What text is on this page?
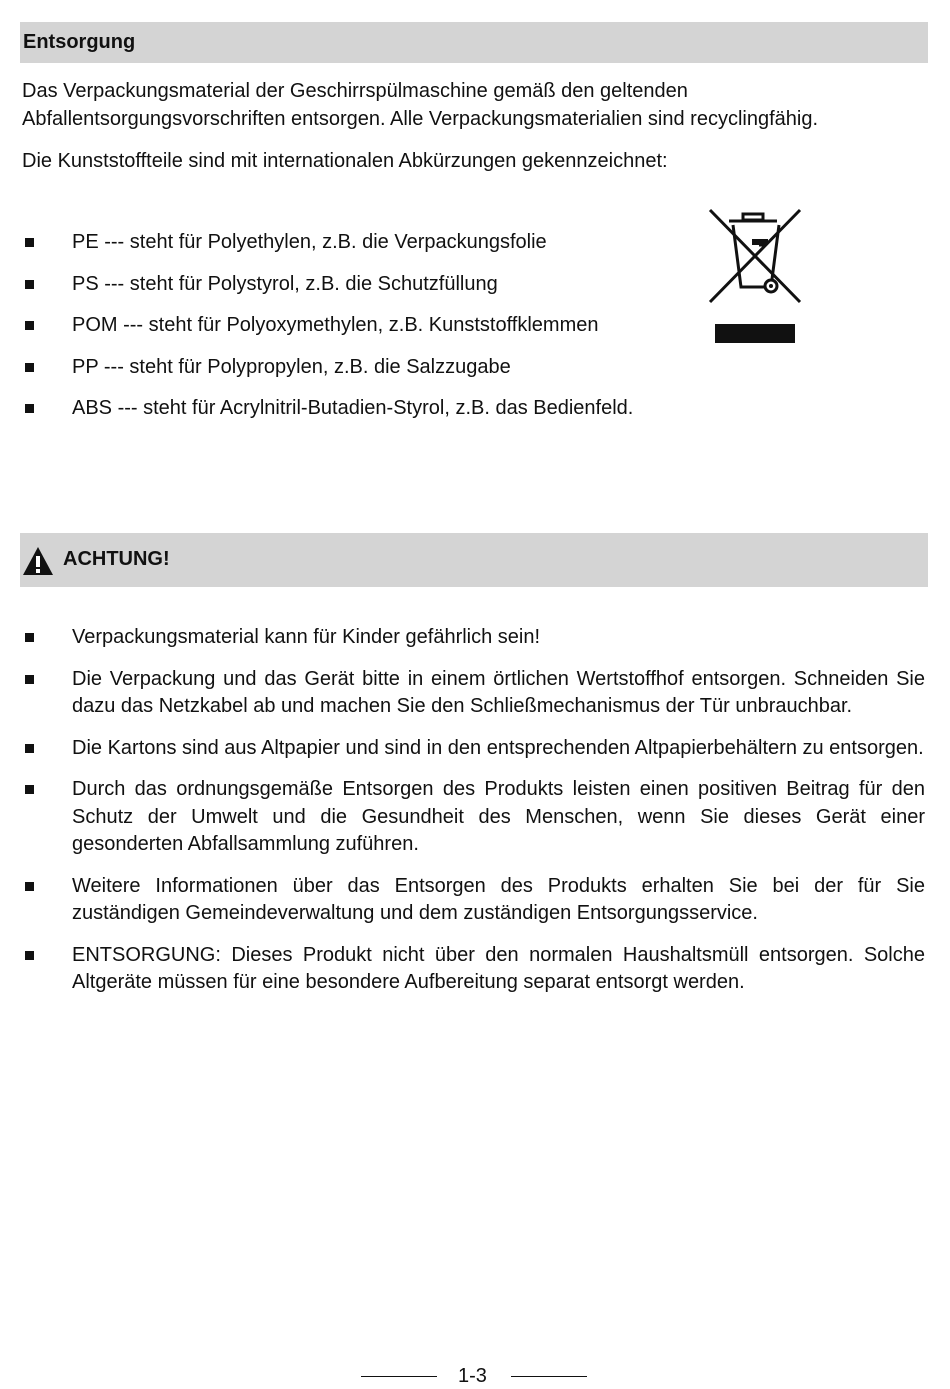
Entsorgung

Das Verpackungsmaterial der Geschirrspülmaschine gemäß den geltenden Abfallentsorgungsvorschriften entsorgen. Alle Verpackungsmaterialien sind recyclingfähig.

Die Kunststoffteile sind mit internationalen Abkürzungen gekennzeichnet:

PE --- steht für Polyethylen, z.B. die Verpackungsfolie
PS --- steht für Polystyrol, z.B. die Schutzfüllung
POM --- steht für Polyoxymethylen, z.B. Kunststoffklemmen
PP --- steht für Polypropylen, z.B. die Salzzugabe
ABS --- steht für Acrylnitril-Butadien-Styrol, z.B. das Bedienfeld.
ACHTUNG!
Verpackungsmaterial kann für Kinder gefährlich sein!
Die Verpackung und das Gerät bitte in einem örtlichen Wertstoffhof entsorgen. Schneiden Sie dazu das Netzkabel ab und machen Sie den Schließmechanismus der Tür unbrauchbar.
Die Kartons sind aus Altpapier und sind in den entsprechenden Altpapierbehältern zu entsorgen.
Durch das ordnungsgemäße Entsorgen des Produkts leisten einen positiven Beitrag für den Schutz der Umwelt und die Gesundheit des Menschen, wenn Sie dieses Gerät einer gesonderten Abfallsammlung zuführen.
Weitere Informationen über das Entsorgen des Produkts erhalten Sie bei der für Sie zuständigen Gemeindeverwaltung und dem zuständigen Entsorgungsservice.
ENTSORGUNG: Dieses Produkt nicht über den normalen Haushaltsmüll entsorgen. Solche Altgeräte müssen für eine besondere Aufbereitung separat entsorgt werden.
1-3
